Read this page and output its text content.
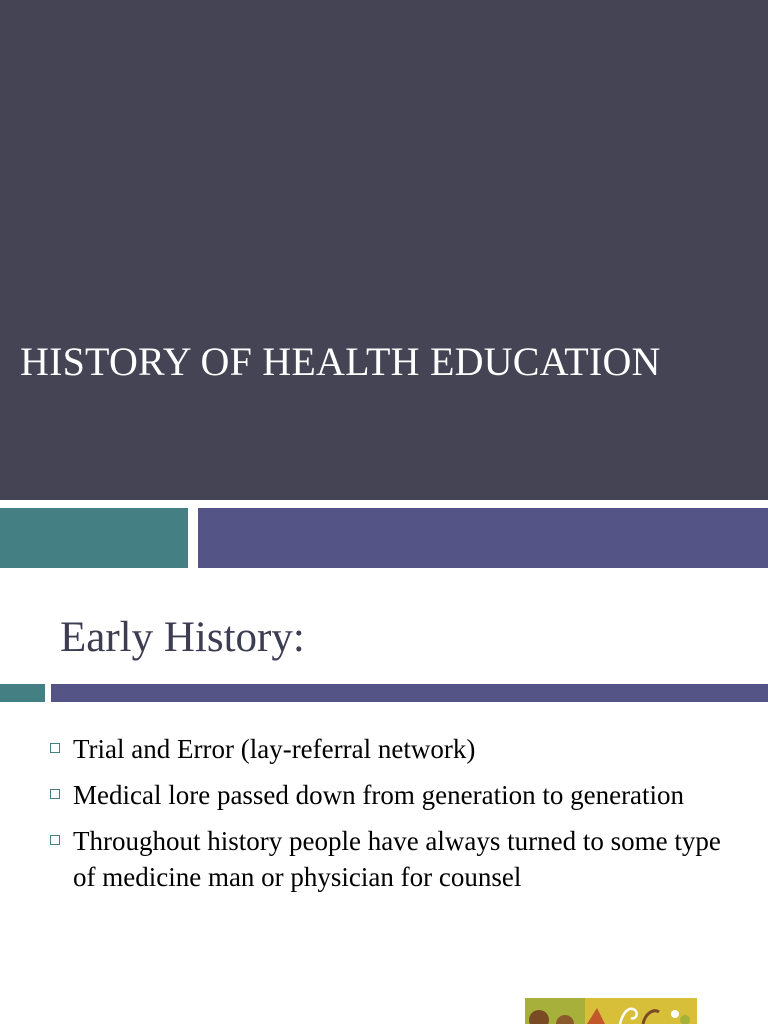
HISTORY OF HEALTH EDUCATION
Early History:
Trial and Error (lay-referral network)
Medical lore passed down from generation to generation
Throughout history people have always turned to some type of medicine man or physician for counsel
